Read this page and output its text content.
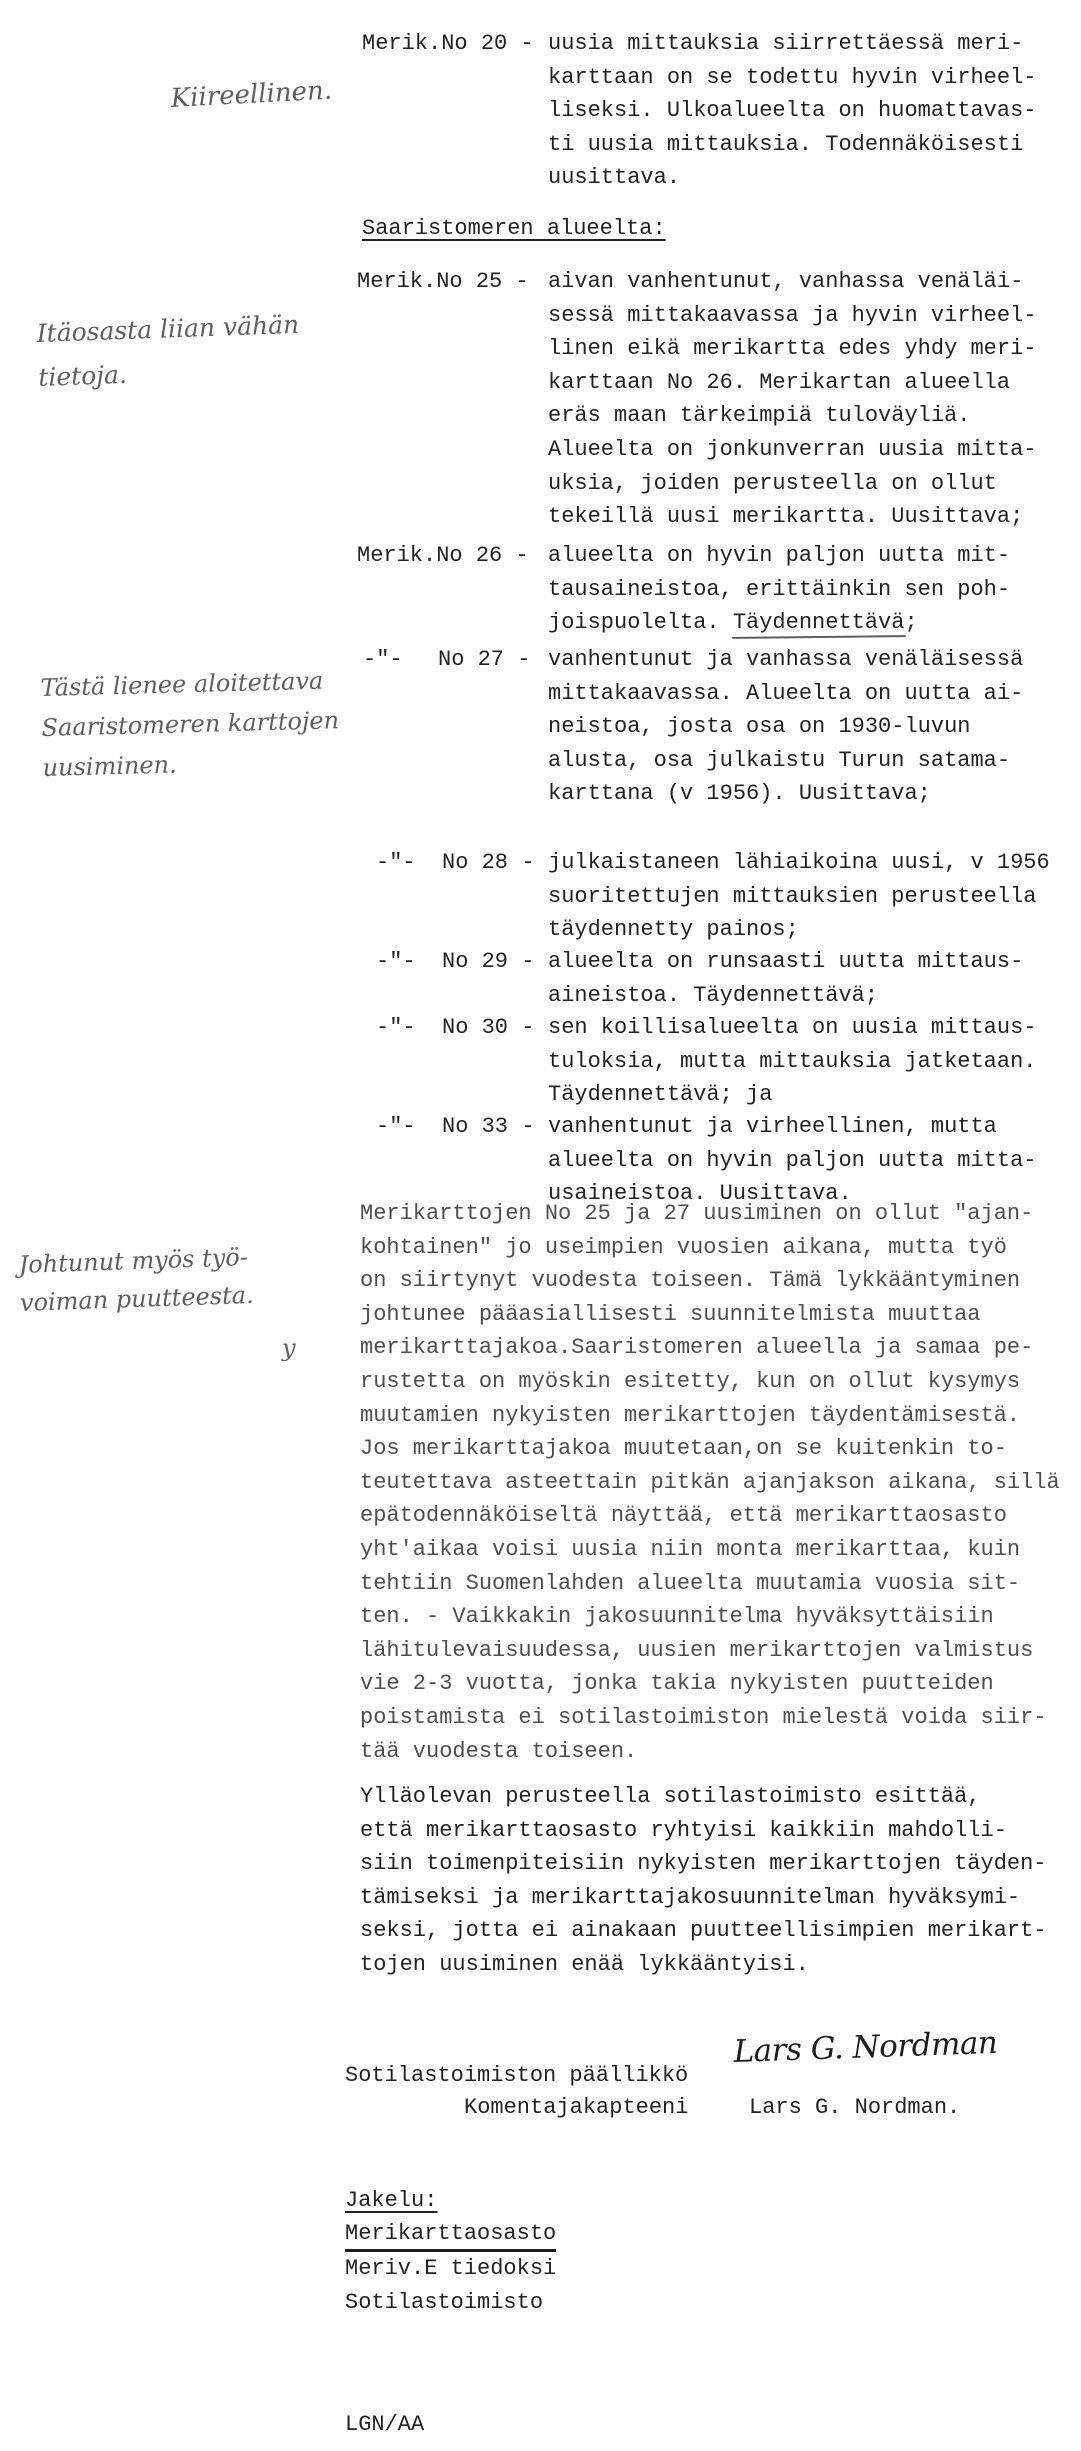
Kiireellinen.
Itäosasta liian vähän
tietoja.
Tästä lienee aloitettava
Saaristomeren karttojen
uusiminen.
Johtunut myös työ-
voiman puutteesta.
y
Merik.No 20 - uusia mittauksia siirrettäessä meri-
karttaan on se todettu hyvin virheel-
liseksi. Ulkoalueelta on huomattavas-
ti uusia mittauksia. Todennäköisesti
uusittava.
Saaristomeren alueelta:
Merik.No 25 - aivan vanhentunut, vanhassa venäläi-
sessä mittakaavassa ja hyvin virheel-
linen eikä merikartta edes yhdy meri-
karttaan No 26. Merikartan alueella
eräs maan tärkeimpiä tuloväyliä.
Alueelta on jonkunverran uusia mitta-
uksia, joiden perusteella on ollut
tekeillä uusi merikartta. Uusittava;
Merik.No 26 - alueelta on hyvin paljon uutta mit-
tausaineistoa, erittäinkin sen poh-
joispuolelta. Täydennettävä;
-"- No 27 - vanhentunut ja vanhassa venäläisessä
mittakaavassa. Alueelta on uutta ai-
neistoa, josta osa on 1930-luvun
alusta, osa julkaistu Turun satama-
karttana (v 1956). Uusittava;
-"- No 28 - julkaistaneen lähiaikoina uusi, v 1956
suoritettujen mittauksien perusteella
täydennetty painos;
-"- No 29 - alueelta on runsaasti uutta mittaus-
aineistoa. Täydennettävä;
-"- No 30 - sen koillisalueelta on uusia mittaus-
tuloksia, mutta mittauksia jatketaan.
Täydennettävä; ja
-"- No 33 - vanhentunut ja virheellinen, mutta
alueelta on hyvin paljon uutta mitta-
usaineistoa. Uusittava.
Merikarttojen No 25 ja 27 uusiminen on ollut "ajan-
kohtainen" jo useimpien vuosien aikana, mutta työ
on siirtynyt vuodesta toiseen. Tämä lykkääntyminen
johtunee pääasiallisesti suunnitelmista muuttaa
merikarttajakoa.Saaristomeren alueella ja samaa pe-
rustetta on myöskin esitetty, kun on ollut kysymys
muutamien nykyisten merikarttojen täydentämisestä.
Jos merikarttajakoa muutetaan,on se kuitenkin to-
teutettava asteettain pitkän ajanjakson aikana, sillä
epätodennäköiseltä näyttää, että merikarttaosasto
yht'aikaa voisi uusia niin monta merikarttaa, kuin
tehtiin Suomenlahden alueelta muutamia vuosia sit-
ten. - Vaikkakin jakosuunnitelma hyväksyttäisiin
lähitulevaisuudessa, uusien merikarttojen valmistus
vie 2-3 vuotta, jonka takia nykyisten puutteiden
poistamista ei sotilastoimiston mielestä voida siir-
tää vuodesta toiseen.
Ylläolevan perusteella sotilastoimisto esittää,
että merikarttaosasto ryhtyisi kaikkiin mahdolli-
siin toimenpiteisiin nykyisten merikarttojen täyden-
tämiseksi ja merikarttajakosuunnitelman hyväksymi-
seksi, jotta ei ainakaan puutteellisimpien merikart-
tojen uusiminen enää lykkääntyisi.
Sotilastoimiston päällikkö
Lars G. Nordman
Komentajakapteeni	Lars G. Nordman.
Jakelu:
Merikarttaosasto
Meriv.E tiedoksi
Sotilastoimisto
LGN/AA
